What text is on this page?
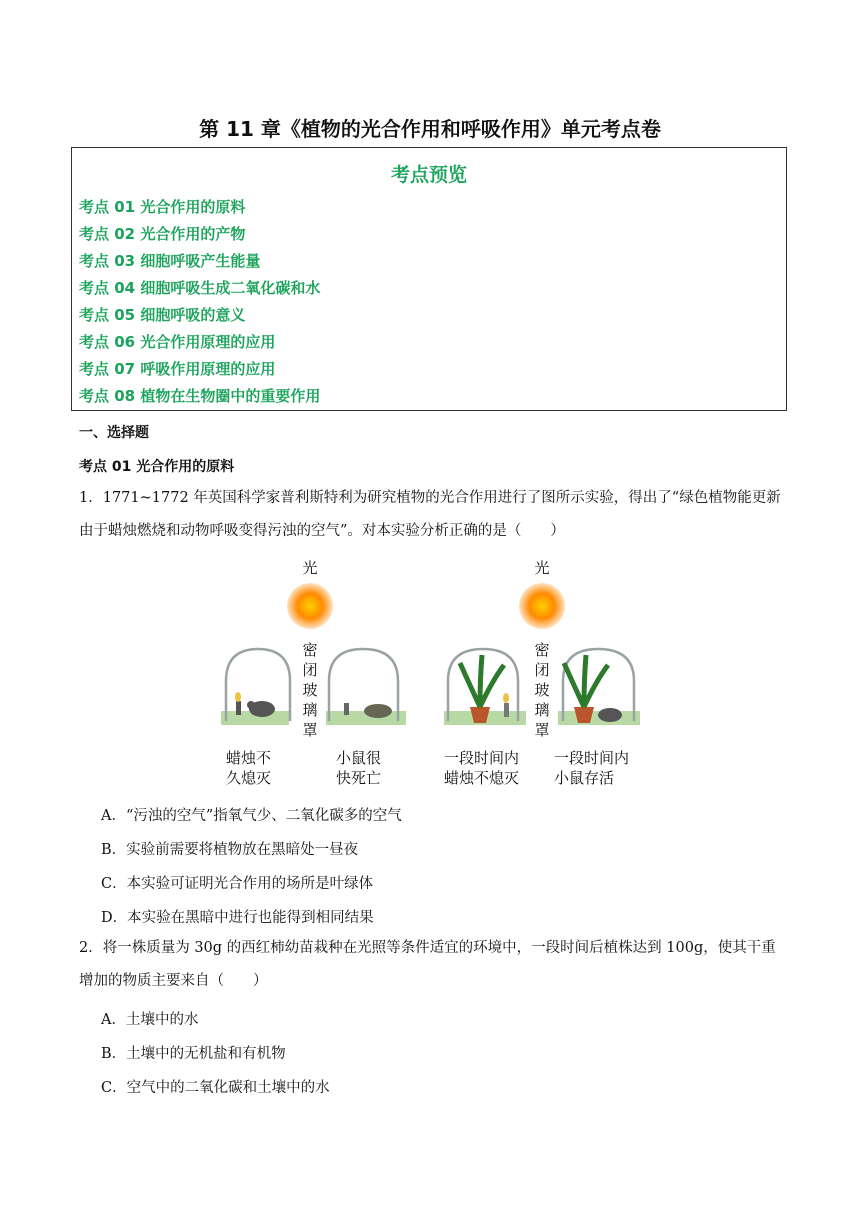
第 11 章《植物的光合作用和呼吸作用》单元考点卷
考点预览
考点 01 光合作用的原料
考点 02 光合作用的产物
考点 03 细胞呼吸产生能量
考点 04 细胞呼吸生成二氧化碳和水
考点 05 细胞呼吸的意义
考点 06 光合作用原理的应用
考点 07 呼吸作用原理的应用
考点 08 植物在生物圈中的重要作用
一、选择题
考点 01 光合作用的原料
1．1771~1772 年英国科学家普利斯特利为研究植物的光合作用进行了图所示实验，得出了“绿色植物能更新由于蜡烛燃烧和动物呼吸变得污浊的空气”。对本实验分析正确的是（　　）
光
密
闭
玻
璃
罩
蜡烛不
久熄灭
小鼠很
快死亡
光
密
闭
玻
璃
罩
一段时间内
蜡烛不熄灭
一段时间内
小鼠存活
A．“污浊的空气”指氧气少、二氧化碳多的空气
B．实验前需要将植物放在黑暗处一昼夜
C．本实验可证明光合作用的场所是叶绿体
D．本实验在黑暗中进行也能得到相同结果
2．将一株质量为 30g 的西红柿幼苗栽种在光照等条件适宜的环境中，一段时间后植株达到 100g，使其干重增加的物质主要来自（　　）
A．土壤中的水
B．土壤中的无机盐和有机物
C．空气中的二氧化碳和土壤中的水
